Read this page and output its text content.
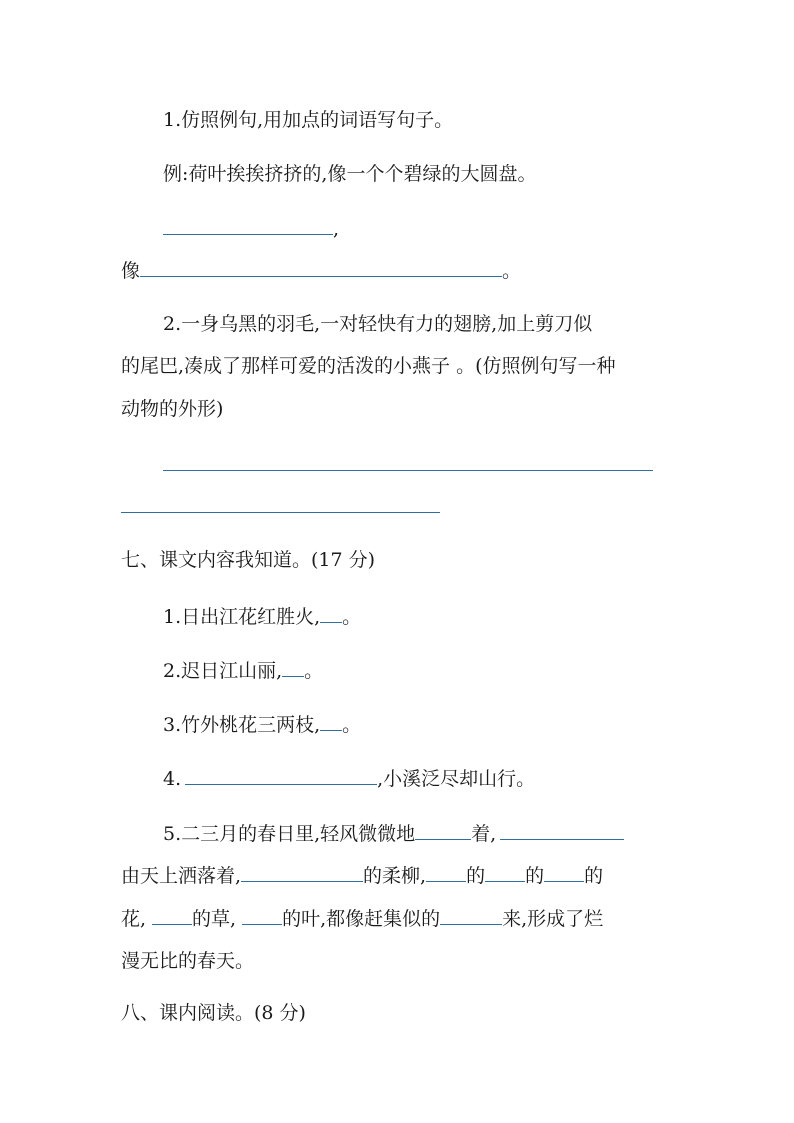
1.仿照例句,用加点的词语写句子。
例:荷叶挨挨挤挤的,像一个个碧绿的大圆盘。
,
像	。
2.一身乌黑的羽毛,一对轻快有力的翅膀,加上剪刀似
的尾巴,凑成了那样可爱的活泼的小燕子 。(仿照例句写一种
动物的外形)
七、课文内容我知道。(17 分)
1.日出江花红胜火, 。
2.迟日江山丽, 。
3.竹外桃花三两枝, 。
4.	,小溪泛尽却山行。
5.二三月的春日里,轻风微微地	着,
由天上洒落着,	的柔柳, 的 的 的
花, 的草, 的叶,都像赶集似的	来,形成了烂
漫无比的春天。
八、课内阅读。(8 分)
